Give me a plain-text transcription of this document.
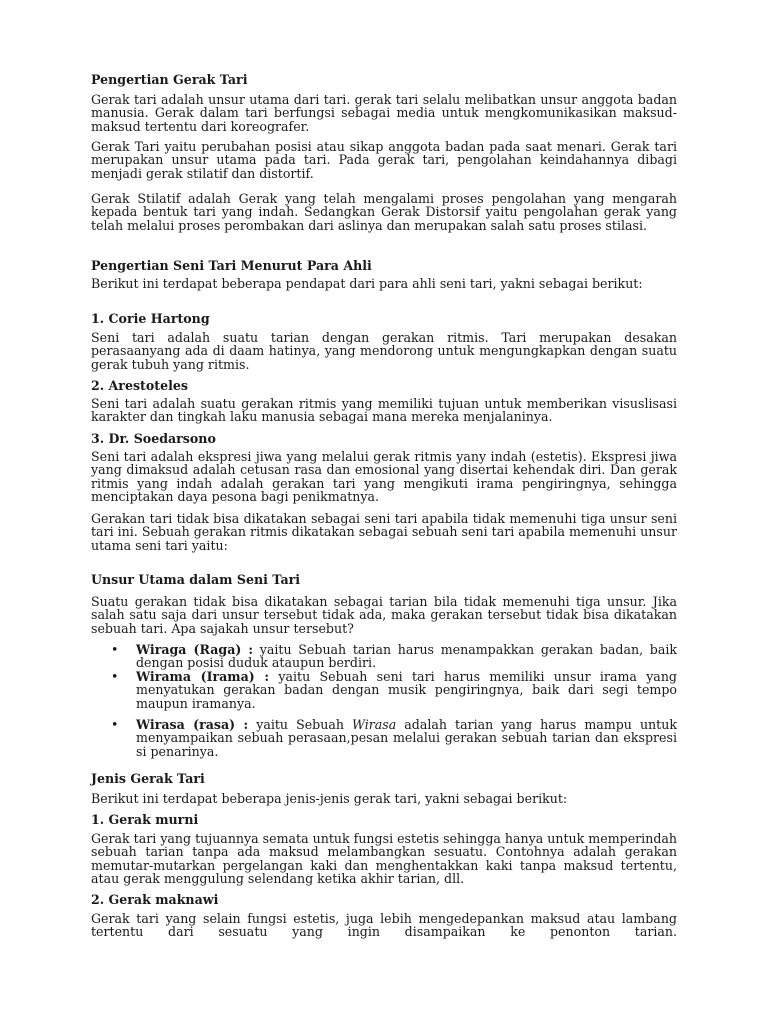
Pengertian Gerak Tari

Gerak tari adalah unsur utama dari tari. gerak tari selalu melibatkan unsur anggota badan manusia. Gerak dalam tari berfungsi sebagai media untuk mengkomunikasikan maksud-maksud tertentu dari koreografer.

Gerak Tari yaitu perubahan posisi atau sikap anggota badan pada saat menari. Gerak tari merupakan unsur utama pada tari. Pada gerak tari, pengolahan keindahannya dibagi menjadi gerak stilatif dan distortif.

Gerak Stilatif adalah Gerak yang telah mengalami proses pengolahan yang mengarah kepada bentuk tari yang indah. Sedangkan Gerak Distorsif yaitu pengolahan gerak yang telah melalui proses perombakan dari aslinya dan merupakan salah satu proses stilasi.

Pengertian Seni Tari Menurut Para Ahli

Berikut ini terdapat beberapa pendapat dari para ahli seni tari, yakni sebagai berikut:

1. Corie Hartong

Seni tari adalah suatu tarian dengan gerakan ritmis. Tari merupakan desakan perasaanyang ada di daam hatinya, yang mendorong untuk mengungkapkan dengan suatu gerak tubuh yang ritmis.

2. Arestoteles

Seni tari adalah suatu gerakan ritmis yang memiliki tujuan untuk memberikan visuslisasi karakter dan tingkah laku manusia sebagai mana mereka menjalaninya.

3. Dr. Soedarsono

Seni tari adalah ekspresi jiwa yang melalui gerak ritmis yany indah (estetis). Ekspresi jiwa yang dimaksud adalah cetusan rasa dan emosional yang disertai kehendak diri. Dan gerak ritmis yang indah adalah gerakan tari yang mengikuti irama pengiringnya, sehingga menciptakan daya pesona bagi penikmatnya.

Gerakan tari tidak bisa dikatakan sebagai seni tari apabila tidak memenuhi tiga unsur seni tari ini. Sebuah gerakan ritmis dikatakan sebagai sebuah seni tari apabila memenuhi unsur utama seni tari yaitu:

Unsur Utama dalam Seni Tari

Suatu gerakan tidak bisa dikatakan sebagai tarian bila tidak memenuhi tiga unsur. Jika salah satu saja dari unsur tersebut tidak ada, maka gerakan tersebut tidak bisa dikatakan sebuah tari. Apa sajakah unsur tersebut?

• Wiraga (Raga) : yaitu Sebuah tarian harus menampakkan gerakan badan, baik dengan posisi duduk ataupun berdiri.
• Wirama (Irama) : yaitu Sebuah seni tari harus memiliki unsur irama yang menyatukan gerakan badan dengan musik pengiringnya, baik dari segi tempo maupun iramanya.
• Wirasa (rasa) : yaitu Sebuah Wirasa adalah tarian yang harus mampu untuk menyampaikan sebuah perasaan,pesan melalui gerakan sebuah tarian dan ekspresi si penarinya.
Jenis Gerak Tari

Berikut ini terdapat beberapa jenis-jenis gerak tari, yakni sebagai berikut:

1. Gerak murni

Gerak tari yang tujuannya semata untuk fungsi estetis sehingga hanya untuk memperindah sebuah tarian tanpa ada maksud melambangkan sesuatu. Contohnya adalah gerakan memutar-mutarkan pergelangan kaki dan menghentakkan kaki tanpa maksud tertentu, atau gerak menggulung selendang ketika akhir tarian, dll.

2. Gerak maknawi

Gerak tari yang selain fungsi estetis, juga lebih mengedepankan maksud atau lambang tertentu dari sesuatu yang ingin disampaikan ke penonton tarian.
